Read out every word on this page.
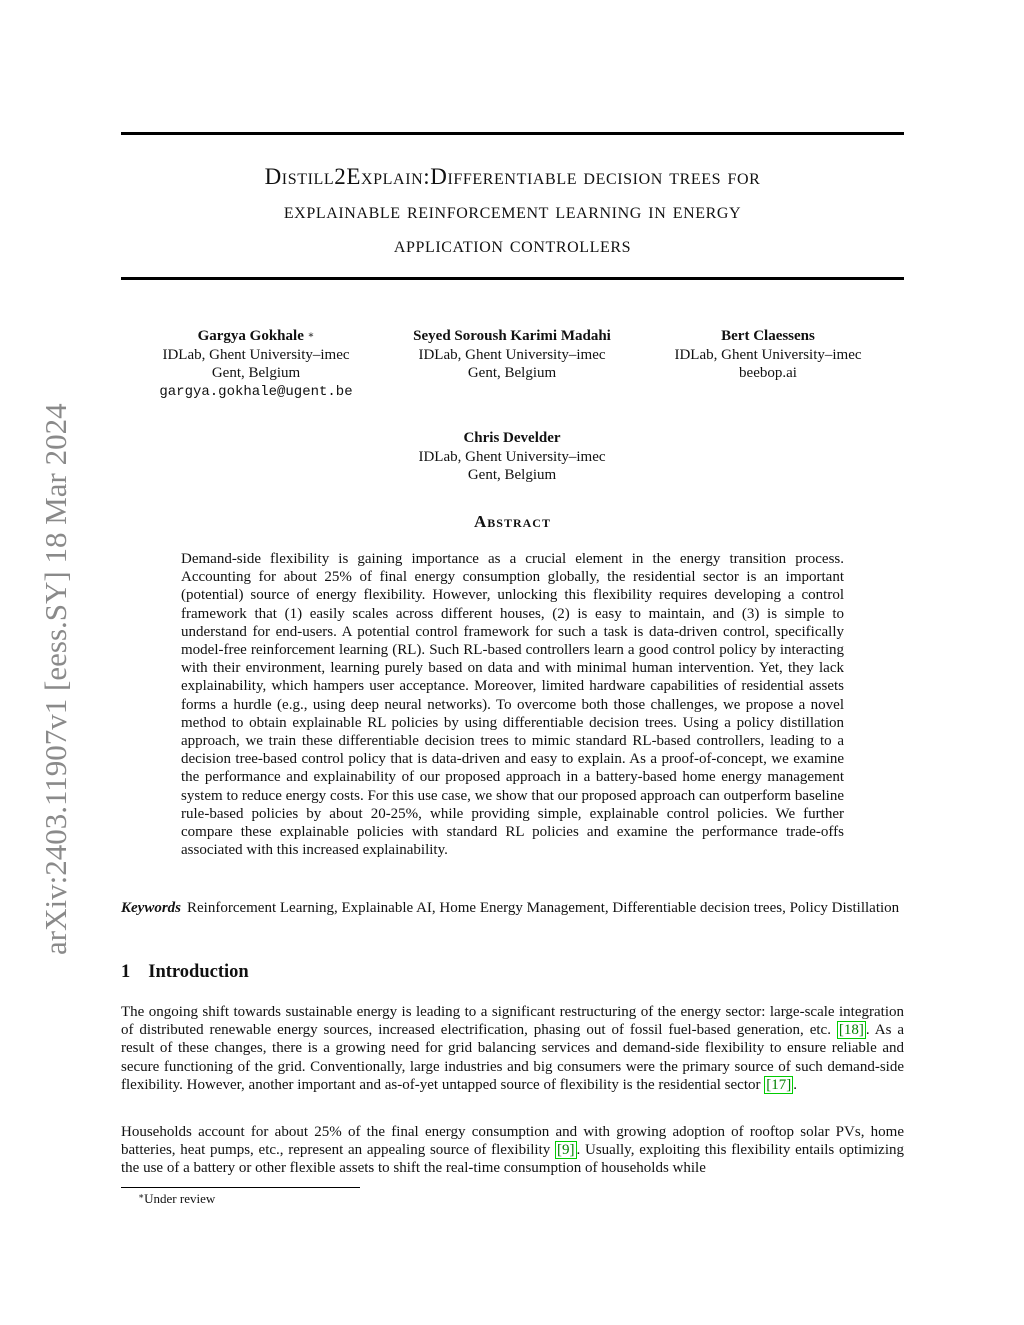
arXiv:2403.11907v1 [eess.SY] 18 Mar 2024
Distill2Explain:Differentiable decision trees for
explainable reinforcement learning in energy
application controllers
Gargya Gokhale ∗
IDLab, Ghent University–imec
Gent, Belgium
gargya.gokhale@ugent.be
Seyed Soroush Karimi Madahi
IDLab, Ghent University–imec
Gent, Belgium
Bert Claessens
IDLab, Ghent University–imec
beebop.ai
Chris Develder
IDLab, Ghent University–imec
Gent, Belgium
Abstract
Demand-side flexibility is gaining importance as a crucial element in the energy transition process. Accounting for about 25% of final energy consumption globally, the residential sector is an important (potential) source of energy flexibility. However, unlocking this flexibility requires developing a control framework that (1) easily scales across different houses, (2) is easy to maintain, and (3) is simple to understand for end-users. A potential control framework for such a task is data-driven control, specifically model-free reinforcement learning (RL). Such RL-based controllers learn a good control policy by interacting with their environment, learning purely based on data and with minimal human intervention. Yet, they lack explainability, which hampers user acceptance. Moreover, limited hardware capabilities of residential assets forms a hurdle (e.g., using deep neural networks). To overcome both those challenges, we propose a novel method to obtain explainable RL policies by using differentiable decision trees. Using a policy distillation approach, we train these differentiable decision trees to mimic standard RL-based controllers, leading to a decision tree-based control policy that is data-driven and easy to explain. As a proof-of-concept, we examine the performance and explainability of our proposed approach in a battery-based home energy management system to reduce energy costs. For this use case, we show that our proposed approach can outperform baseline rule-based policies by about 20-25%, while providing simple, explainable control policies. We further compare these explainable policies with standard RL policies and examine the performance trade-offs associated with this increased explainability.
Keywords Reinforcement Learning, Explainable AI, Home Energy Management, Differentiable decision trees, Policy Distillation
1 Introduction
The ongoing shift towards sustainable energy is leading to a significant restructuring of the energy sector: large-scale integration of distributed renewable energy sources, increased electrification, phasing out of fossil fuel-based generation, etc. [18] . As a result of these changes, there is a growing need for grid balancing services and demand-side flexibility to ensure reliable and secure functioning of the grid. Conventionally, large industries and big consumers were the primary source of such demand-side flexibility. However, another important and as-of-yet untapped source of flexibility is the residential sector [17] .
Households account for about 25% of the final energy consumption and with growing adoption of rooftop solar PVs, home batteries, heat pumps, etc., represent an appealing source of flexibility [9] . Usually, exploiting this flexibility entails optimizing the use of a battery or other flexible assets to shift the real-time consumption of households while
∗Under review
